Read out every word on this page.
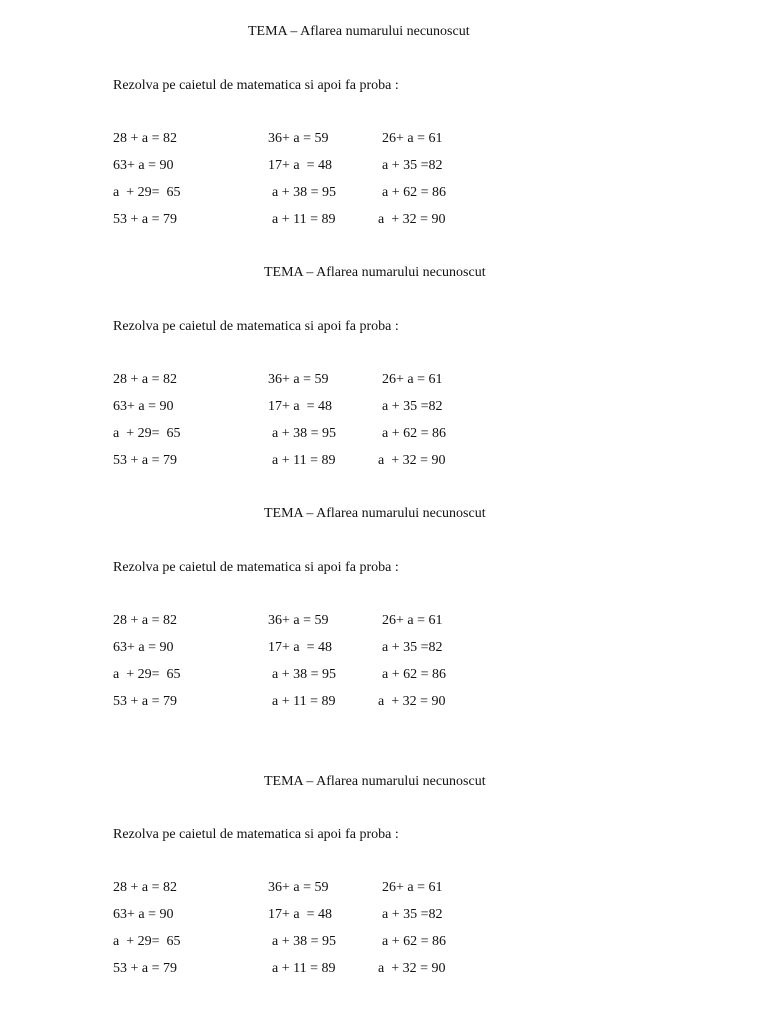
TEMA – Aflarea numarului necunoscut
Rezolva pe caietul de matematica si apoi fa proba :
28 + a = 82	36+ a = 59	26+ a = 61
63+ a = 90	17+ a  = 48	a + 35 =82
a  + 29=  65	a + 38 = 95	a + 62 = 86
53 + a = 79	a + 11 = 89	a  + 32 = 90
TEMA – Aflarea numarului necunoscut
Rezolva pe caietul de matematica si apoi fa proba :
28 + a = 82	36+ a = 59	26+ a = 61
63+ a = 90	17+ a  = 48	a + 35 =82
a  + 29=  65	a + 38 = 95	a + 62 = 86
53 + a = 79	a + 11 = 89	a  + 32 = 90
TEMA – Aflarea numarului necunoscut
Rezolva pe caietul de matematica si apoi fa proba :
28 + a = 82	36+ a = 59	26+ a = 61
63+ a = 90	17+ a  = 48	a + 35 =82
a  + 29=  65	a + 38 = 95	a + 62 = 86
53 + a = 79	a + 11 = 89	a  + 32 = 90
TEMA – Aflarea numarului necunoscut
Rezolva pe caietul de matematica si apoi fa proba :
28 + a = 82	36+ a = 59	26+ a = 61
63+ a = 90	17+ a  = 48	a + 35 =82
a  + 29=  65	a + 38 = 95	a + 62 = 86
53 + a = 79	a + 11 = 89	a  + 32 = 90
